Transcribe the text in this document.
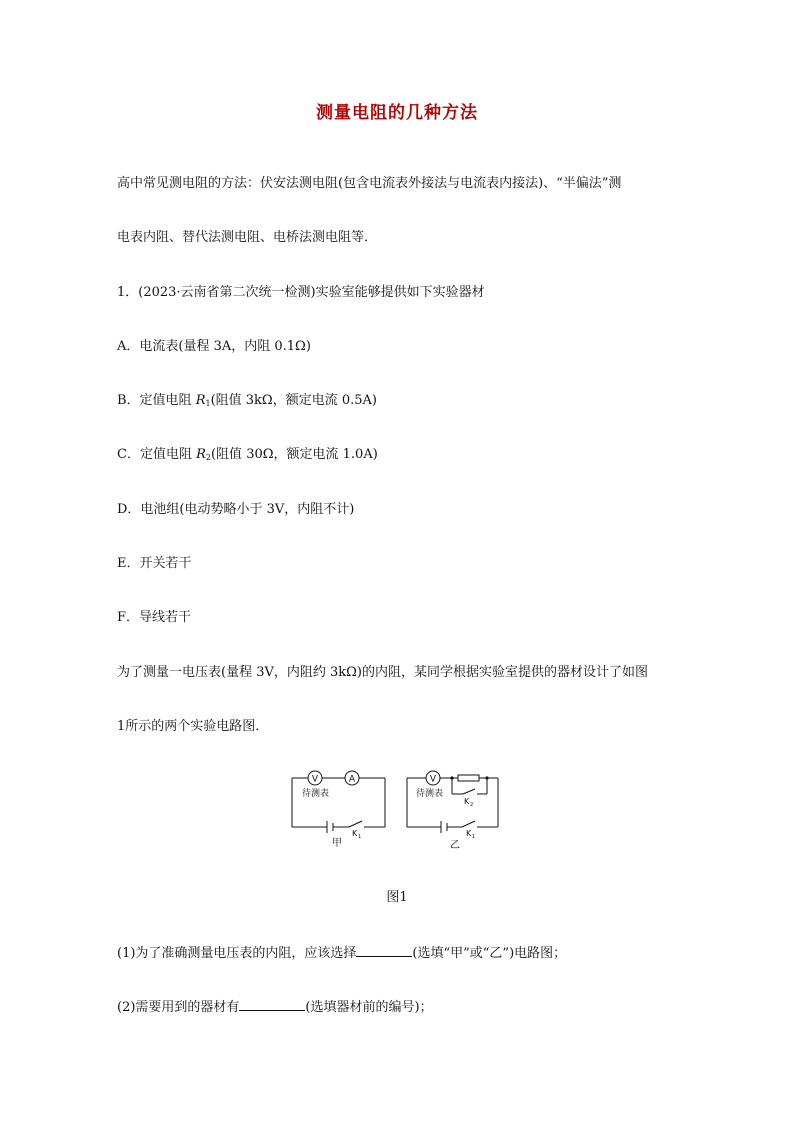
测量电阻的几种方法
高中常见测电阻的方法：伏安法测电阻(包含电流表外接法与电流表内接法)、“半偏法”测
电表内阻、替代法测电阻、电桥法测电阻等．
1．(2023·云南省第二次统一检测)实验室能够提供如下实验器材
A．电流表(量程 3A，内阻 0.1Ω)
B．定值电阻 $R_1$(阻值 3kΩ，额定电流 0.5A)
C．定值电阻 $R_2$(阻值 30Ω，额定电流 1.0A)
D．电池组(电动势略小于 3V，内阻不计)
E．开关若干
F．导线若干
为了测量一电压表(量程 3V，内阻约 3kΩ)的内阻，某同学根据实验室提供的器材设计了如图
1所示的两个实验电路图．
V	A
待测表
K 1
甲
V
待测表
K 2
K 1
乙
图1
(1)为了准确测量电压表的内阻，应该选择	(选填“甲”或“乙”)电路图；
(2)需要用到的器材有	(选填器材前的编号)；
